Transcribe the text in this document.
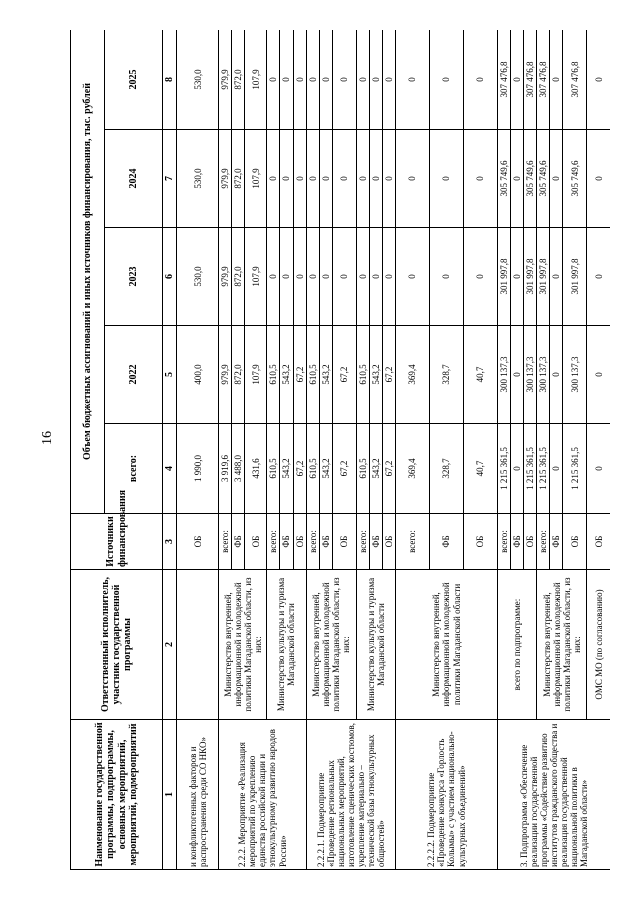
16
Наименование государственной программы, подпрограммы, основных мероприятий, мероприятий, подмероприятий	Ответственный исполнитель, участник государственной программы	Источники финансирования	Объем бюджетных ассигнований и иных источников финансирования, тыс. рублей				
			всего:	2022	2023	2024	2025
1	2	3	4	5	6	7	8
и конфликтогенных факторов и распространения среди СО НКО»		ОБ	1 990,0	400,0	530,0	530,0	530,0
2.2.2. Мероприятие «Реализация мероприятий по укреплению единства российской нации и этнокультурному развитию народов России»	Министерство внутренней, информационной и молодежной политики Магаданской области, из них:	всего:	3 919,6	979,9	979,9	979,9	979,9
		ФБ	3 488,0	872,0	872,0	872,0	872,0
		ОБ	431,6	107,9	107,9	107,9	107,9
	Министерство культуры и туризма Магаданской области	всего:	610,5	610,5	0	0	0
		ФБ	543,2	543,2	0	0	0
		ОБ	67,2	67,2	0	0	0
2.2.2.1. Подмероприятие «Проведение региональных национальных мероприятий, изготовление сценических костюмов, укрепление материально – технической базы этнокультурных общностей»	Министерство внутренней, информационной и молодежной политики Магаданской области, из них:	всего:	610,5	610,5	0	0	0
		ФБ	543,2	543,2	0	0	0
		ОБ	67,2	67,2	0	0	0
	Министерство культуры и туризма Магаданской области	всего:	610,5	610,5	0	0	0
		ФБ	543,2	543,2	0	0	0
		ОБ	67,2	67,2	0	0	0
2.2.2.2. Подмероприятие «Проведение конкурса «Горлость Колымы» с участием национально-культурных объединений»	Министерство внутренней, информационной и молодежной политики Магаданской области	всего:	369,4	369,4	0	0	0
		ФБ	328,7	328,7	0	0	0
		ОБ	40,7	40,7	0	0	0
3. Подпрограмма «Обеспечение реализации государственной программы «Содействие развитию институтов гражданского общества и реализация государственной национальной политики в Магаданской области»	всего по подпрограмме:	всего:	1 215 361,5	300 137,3	301 997,8	305 749,6	307 476,8
		ФБ	0	0	0	0	0
		ОБ	1 215 361,5	300 137,3	301 997,8	305 749,6	307 476,8
	Министерство внутренней, информационной и молодежной политики Магаданской области, из них:	всего:	1 215 361,5	300 137,3	301 997,8	305 749,6	307 476,8
		ФБ	0	0	0	0	0
		ОБ	1 215 361,5	300 137,3	301 997,8	305 749,6	307 476,8
	ОМС МО (по согласованию)	ОБ	0	0	0	0	0
